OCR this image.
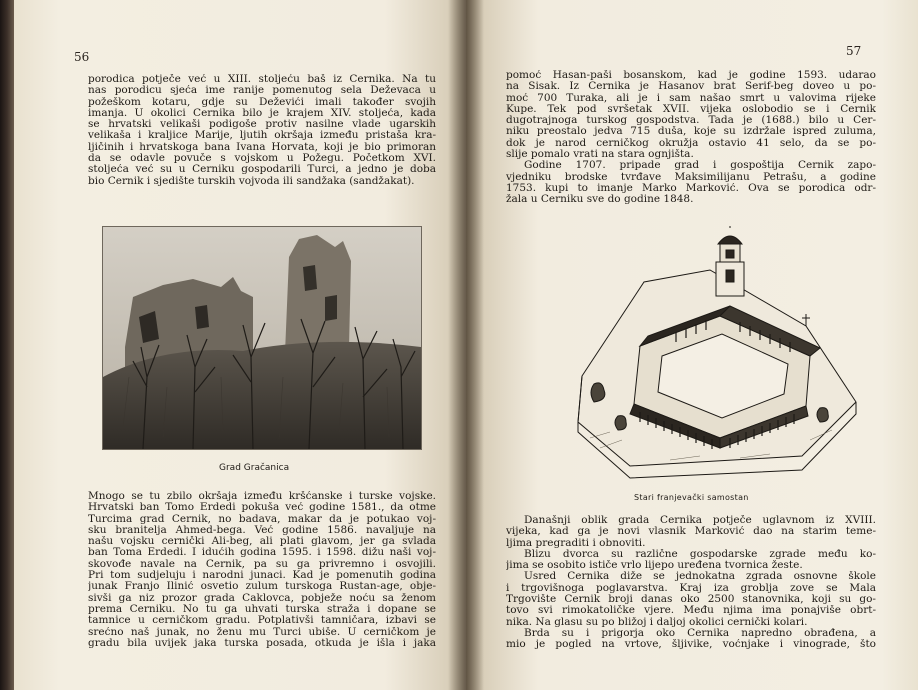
56
porodica potječe već u XIII. stoljeću baš iz Cernika. Na tu
nas porodicu sjeća ime ranije pomenutog sela Deževaca u
požeškom kotaru, gdje su Deževići imali također svojih
imanja. U okolici Cernika bilo je krajem XIV. stoljeća, kada
se hrvatski velikaši podigoše protiv nasilne vlade ugarskih
velikaša i kraljice Marije, ljutih okršaja između pristaša kra-
ljičinih i hrvatskoga bana Ivana Horvata, koji je bio primoran
da se odavle povuče s vojskom u Požegu. Početkom XVI.
stoljeća već su u Cerniku gospodarili Turci, a jedno je doba
bio Cernik i sjedište turskih vojvoda ili sandžaka (sandžakat).
Grad Gračanica
Mnogo se tu zbilo okršaja između kršćanske i turske vojske.
Hrvatski ban Tomo Erdedi pokuša već godine 1581., da otme
Turcima grad Cernik, no badava, makar da je potukao voj-
sku branitelja Ahmed-bega. Već godine 1586. navaljuje na
našu vojsku cernički Ali-beg, ali plati glavom, jer ga svlada
ban Toma Erdedi. I idućih godina 1595. i 1598. dižu naši voj-
skovođe navale na Cernik, pa su ga privremno i osvojili.
Pri tom sudjeluju i narodni junaci. Kad je pomenutih godina
junak Franjo Ilinić osvetio zulum turskoga Rustan-age, obje-
sivši ga niz prozor grada Čaklovca, pobježe noću sa ženom
prema Cerniku. No tu ga uhvati turska straža i dopane se
tamnice u cerničkom gradu. Potplativši tamničara, izbavi se
srećno naš junak, no ženu mu Turci ubiše. U cerničkom je
gradu bila uvijek jaka turska posada, otkuda je išla i jaka
57
pomoć Hasan-paši bosanskom, kad je godine 1593. udarao
na Sisak. Iz Cernika je Hasanov brat Šerif-beg doveo u po-
moć 700 Turaka, ali je i sam našao smrt u valovima rijeke
Kupe. Tek pod svršetak XVII. vijeka oslobodio se i Cernik
dugotrajnoga turskog gospodstva. Tada je (1688.) bilo u Cer-
niku preostalo jedva 715 duša, koje su izdržale ispred zuluma,
dok je narod cerničkog okružja ostavio 41 selo, da se po-
slije pomalo vrati na stara ognjišta.
Godine 1707. pripade grad i gospoštija Cernik zapo-
vjedniku brodske tvrđave Maksimilijanu Petrašu, a godine
1753. kupi to imanje Marko Marković. Ova se porodica odr-
žala u Cerniku sve do godine 1848.
Stari franjevački samostan
Današnji oblik grada Cernika potječe uglavnom iz XVIII.
vijeka, kad ga je novi vlasnik Marković dao na starim teme-
ljima pregraditi i obnoviti.
Blizu dvorca su različne gospodarske zgrade među ko-
jima se osobito ističe vrlo lijepo uređena tvornica žeste.
Usred Cernika diže se jednokatna zgrada osnovne škole
i trgovišnoga poglavarstva. Kraj iza groblja zove se Mala
Trgovište Cernik broji danas oko 2500 stanovnika, koji su go-
tovo svi rimokatoličke vjere. Među njima ima ponajviše obrt-
nika. Na glasu su po bližoj i daljoj okolici cernički kolari.
Brda su i prigorja oko Cernika napredno obrađena, a
mio je pogled na vrtove, šljivike, voćnjake i vinograde, što
